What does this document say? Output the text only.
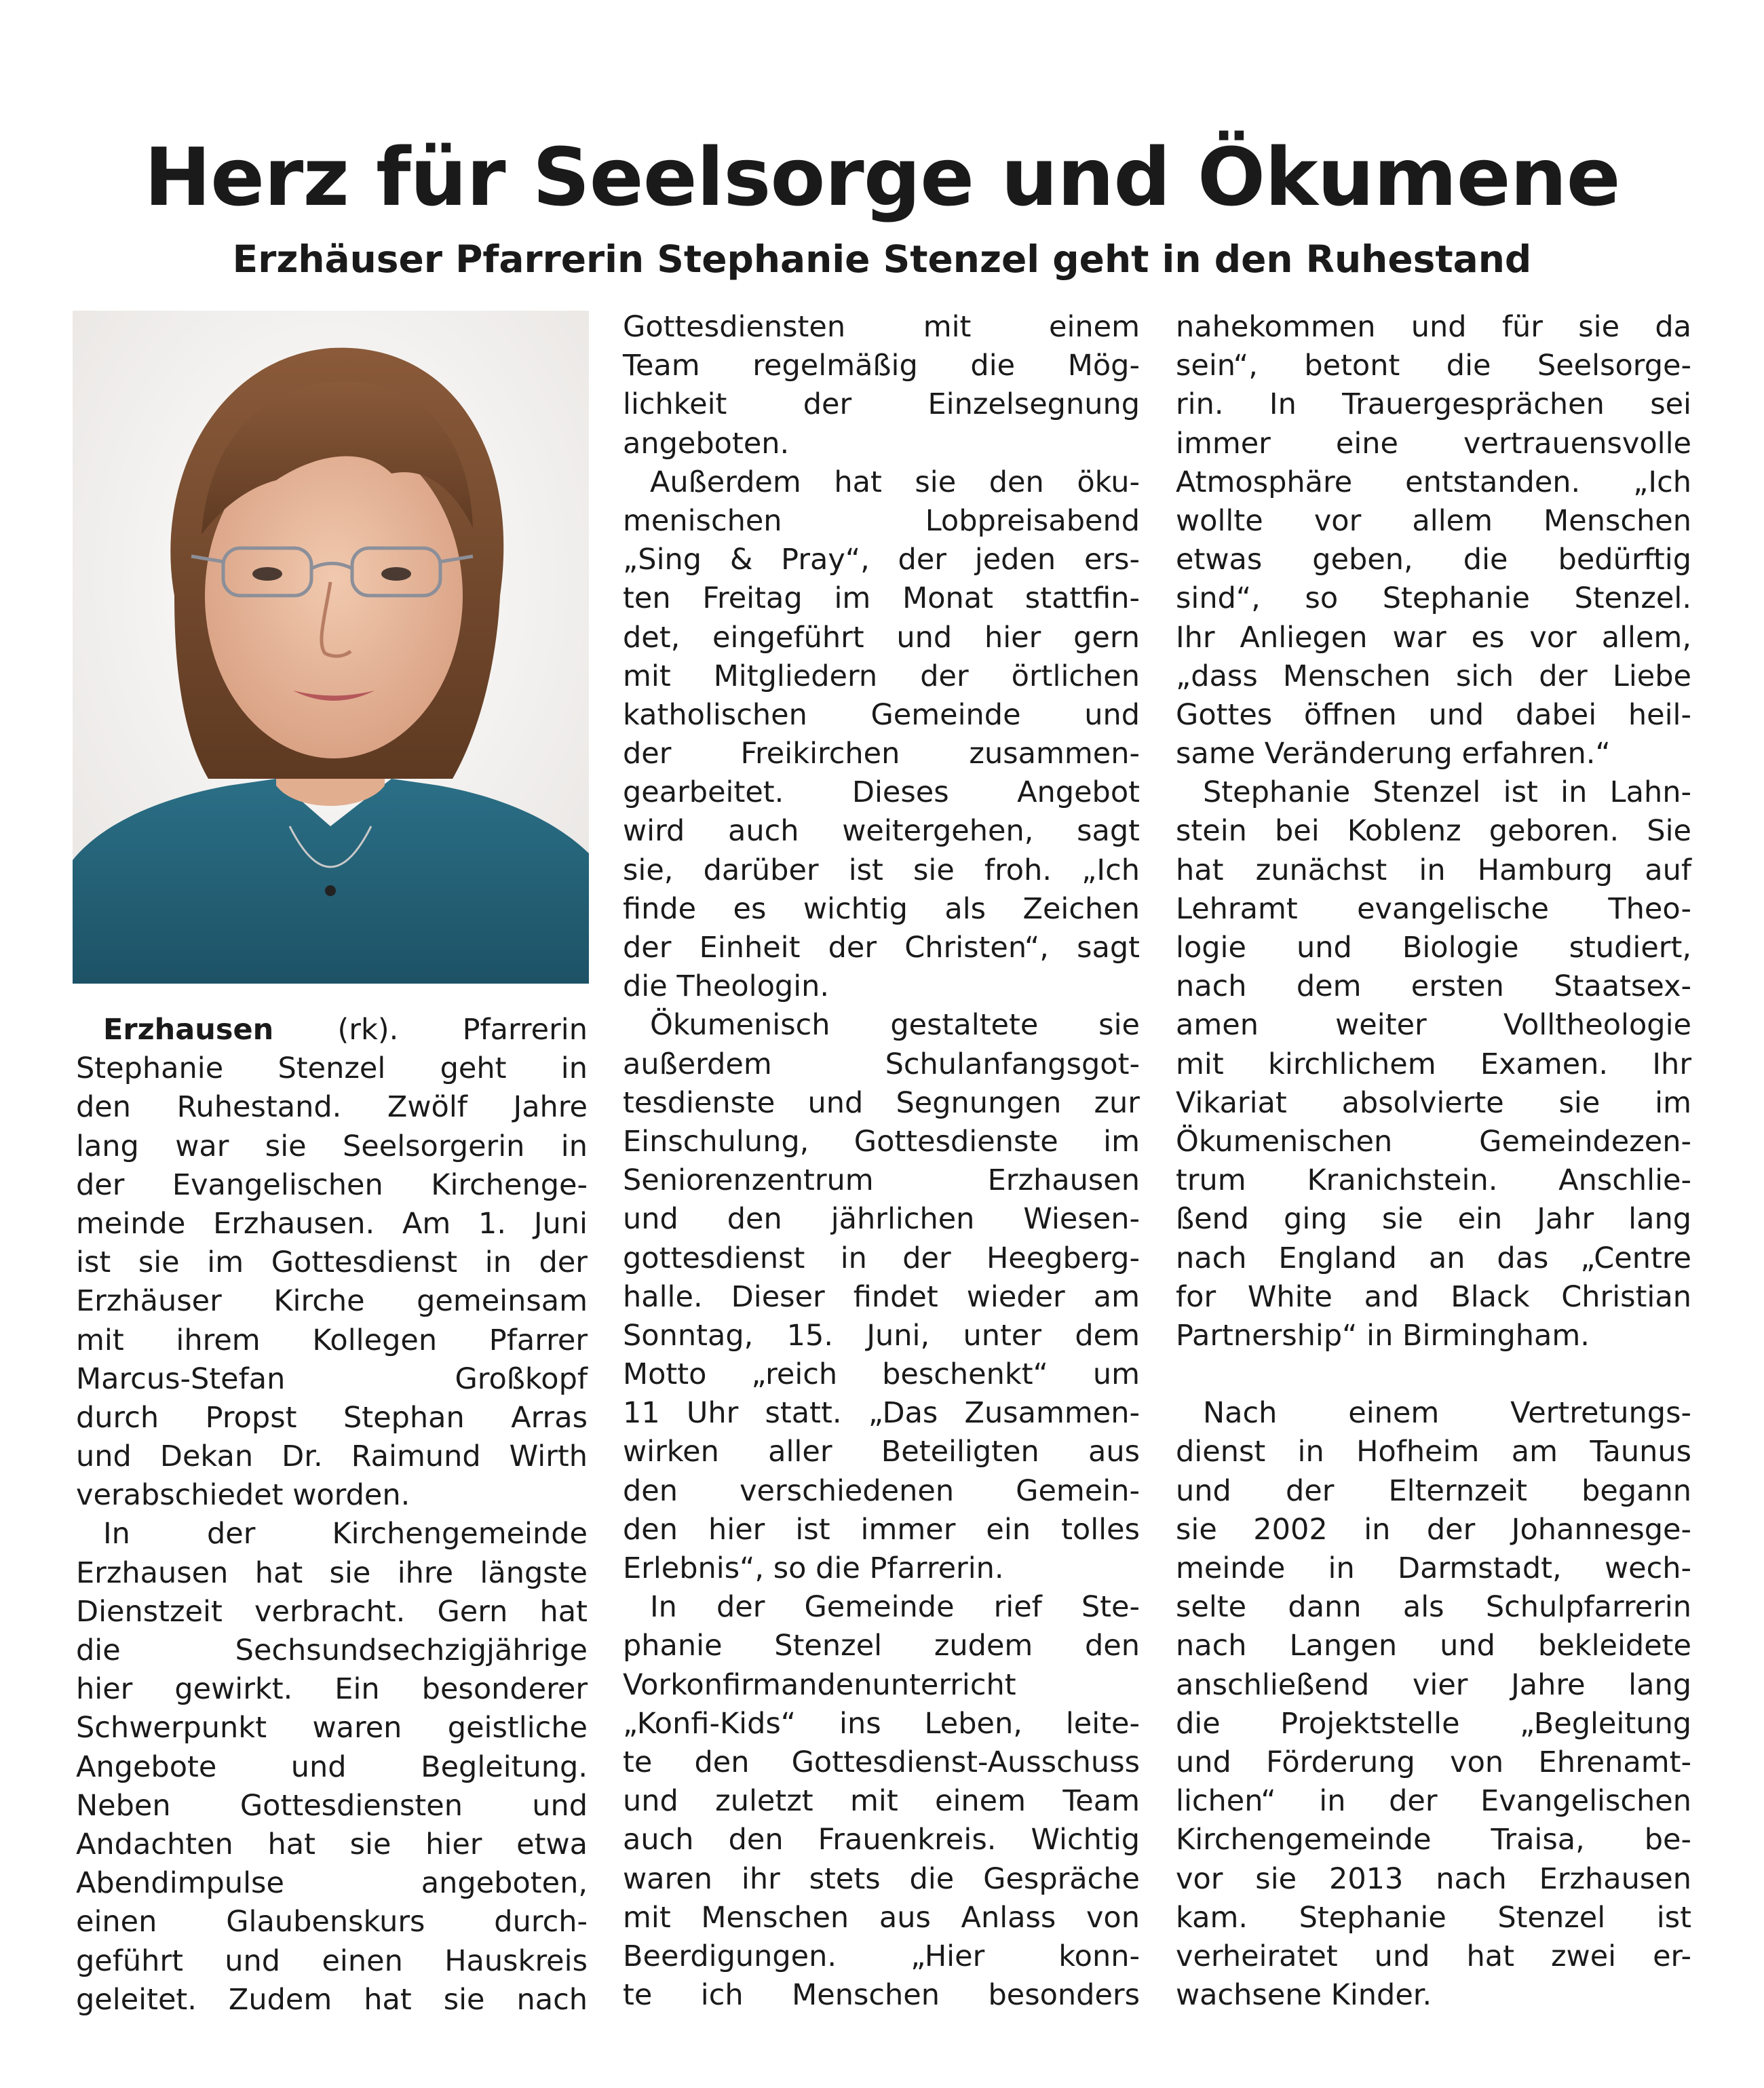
Herz für Seelsorge und Ökumene
Erzhäuser Pfarrerin Stephanie Stenzel geht in den Ruhestand
Erzhausen (rk). Pfarrerin
Stephanie Stenzel geht in
den Ruhestand. Zwölf Jahre
lang war sie Seelsorgerin in
der Evangelischen Kirchenge-
meinde Erzhausen. Am 1. Juni
ist sie im Gottesdienst in der
Erzhäuser Kirche gemeinsam
mit ihrem Kollegen Pfarrer
Marcus-Stefan Großkopf
durch Propst Stephan Arras
und Dekan Dr. Raimund Wirth
verabschiedet worden.
In der Kirchengemeinde
Erzhausen hat sie ihre längste
Dienstzeit verbracht. Gern hat
die Sechsundsechzigjährige
hier gewirkt. Ein besonderer
Schwerpunkt waren geistliche
Angebote und Begleitung.
Neben Gottesdiensten und
Andachten hat sie hier etwa
Abendimpulse angeboten,
einen Glaubenskurs durch-
geführt und einen Hauskreis
geleitet. Zudem hat sie nach
Gottesdiensten mit einem
Team regelmäßig die Mög-
lichkeit der Einzelsegnung
angeboten.
Außerdem hat sie den öku-
menischen Lobpreisabend
„Sing & Pray“, der jeden ers-
ten Freitag im Monat stattfin-
det, eingeführt und hier gern
mit Mitgliedern der örtlichen
katholischen Gemeinde und
der Freikirchen zusammen-
gearbeitet. Dieses Angebot
wird auch weitergehen, sagt
sie, darüber ist sie froh. „Ich
finde es wichtig als Zeichen
der Einheit der Christen“, sagt
die Theologin.
Ökumenisch gestaltete sie
außerdem Schulanfangsgot-
tesdienste und Segnungen zur
Einschulung, Gottesdienste im
Seniorenzentrum Erzhausen
und den jährlichen Wiesen-
gottesdienst in der Heegberg-
halle. Dieser findet wieder am
Sonntag, 15. Juni, unter dem
Motto „reich beschenkt“ um
11 Uhr statt. „Das Zusammen-
wirken aller Beteiligten aus
den verschiedenen Gemein-
den hier ist immer ein tolles
Erlebnis“, so die Pfarrerin.
In der Gemeinde rief Ste-
phanie Stenzel zudem den
Vorkonfirmandenunterricht
„Konfi-Kids“ ins Leben, leite-
te den Gottesdienst-Ausschuss
und zuletzt mit einem Team
auch den Frauenkreis. Wichtig
waren ihr stets die Gespräche
mit Menschen aus Anlass von
Beerdigungen. „Hier konn-
te ich Menschen besonders
nahekommen und für sie da
sein“, betont die Seelsorge-
rin. In Trauergesprächen sei
immer eine vertrauensvolle
Atmosphäre entstanden. „Ich
wollte vor allem Menschen
etwas geben, die bedürftig
sind“, so Stephanie Stenzel.
Ihr Anliegen war es vor allem,
„dass Menschen sich der Liebe
Gottes öffnen und dabei heil-
same Veränderung erfahren.“
Stephanie Stenzel ist in Lahn-
stein bei Koblenz geboren. Sie
hat zunächst in Hamburg auf
Lehramt evangelische Theo-
logie und Biologie studiert,
nach dem ersten Staatsex-
amen weiter Volltheologie
mit kirchlichem Examen. Ihr
Vikariat absolvierte sie im
Ökumenischen Gemeindezen-
trum Kranichstein. Anschlie-
ßend ging sie ein Jahr lang
nach England an das „Centre
for White and Black Christian
Partnership“ in Birmingham.
Nach einem Vertretungs-
dienst in Hofheim am Taunus
und der Elternzeit begann
sie 2002 in der Johannesge-
meinde in Darmstadt, wech-
selte dann als Schulpfarrerin
nach Langen und bekleidete
anschließend vier Jahre lang
die Projektstelle „Begleitung
und Förderung von Ehrenamt-
lichen“ in der Evangelischen
Kirchengemeinde Traisa, be-
vor sie 2013 nach Erzhausen
kam. Stephanie Stenzel ist
verheiratet und hat zwei er-
wachsene Kinder.
